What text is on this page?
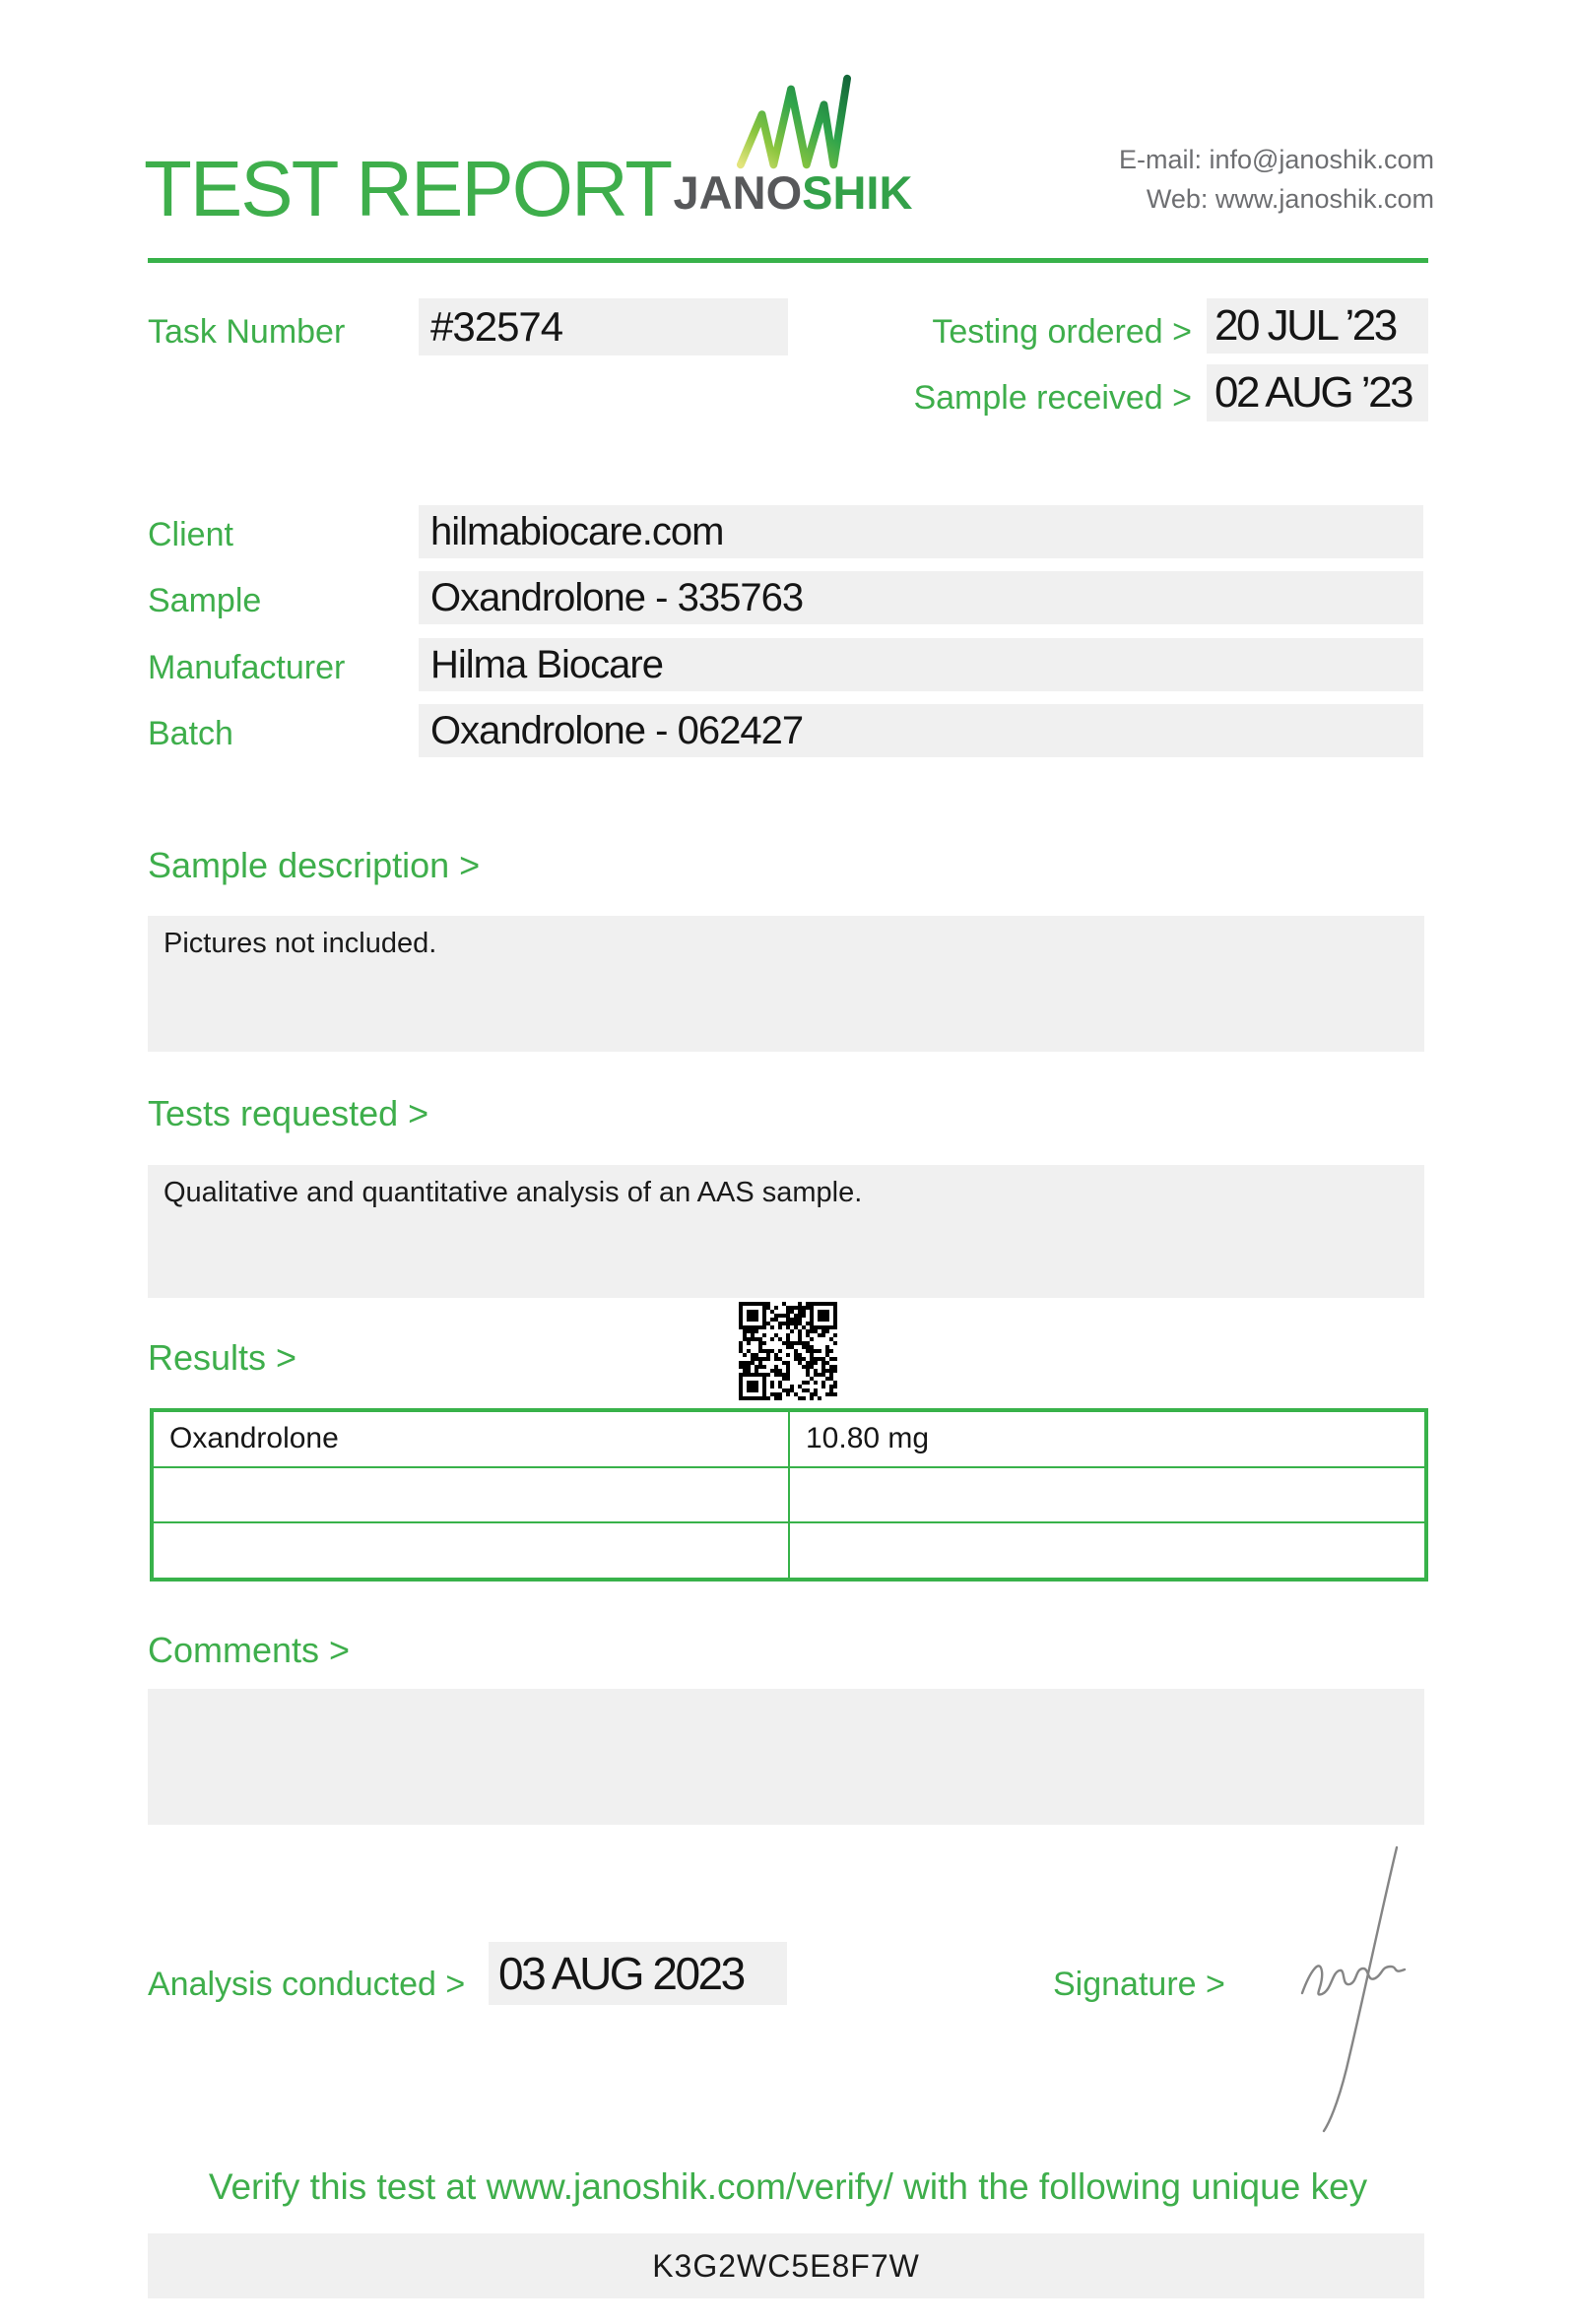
TEST REPORT JANOSHIK
E-mail: info@janoshik.com
Web: www.janoshik.com
Task Number #32574	Testing ordered > 20 JUL ’23
Sample received > 02 AUG ’23
Client	hilmabiocare.com
Sample	Oxandrolone - 335763
Manufacturer	Hilma Biocare
Batch	Oxandrolone - 062427
Sample description >
Pictures not included.
Tests requested >
Qualitative and quantitative analysis of an AAS sample.
Results >
Oxandrolone	10.80 mg
Comments >
Analysis conducted > 03 AUG 2023	Signature >
Verify this test at www.janoshik.com/verify/ with the following unique key
K3G2WC5E8F7W
